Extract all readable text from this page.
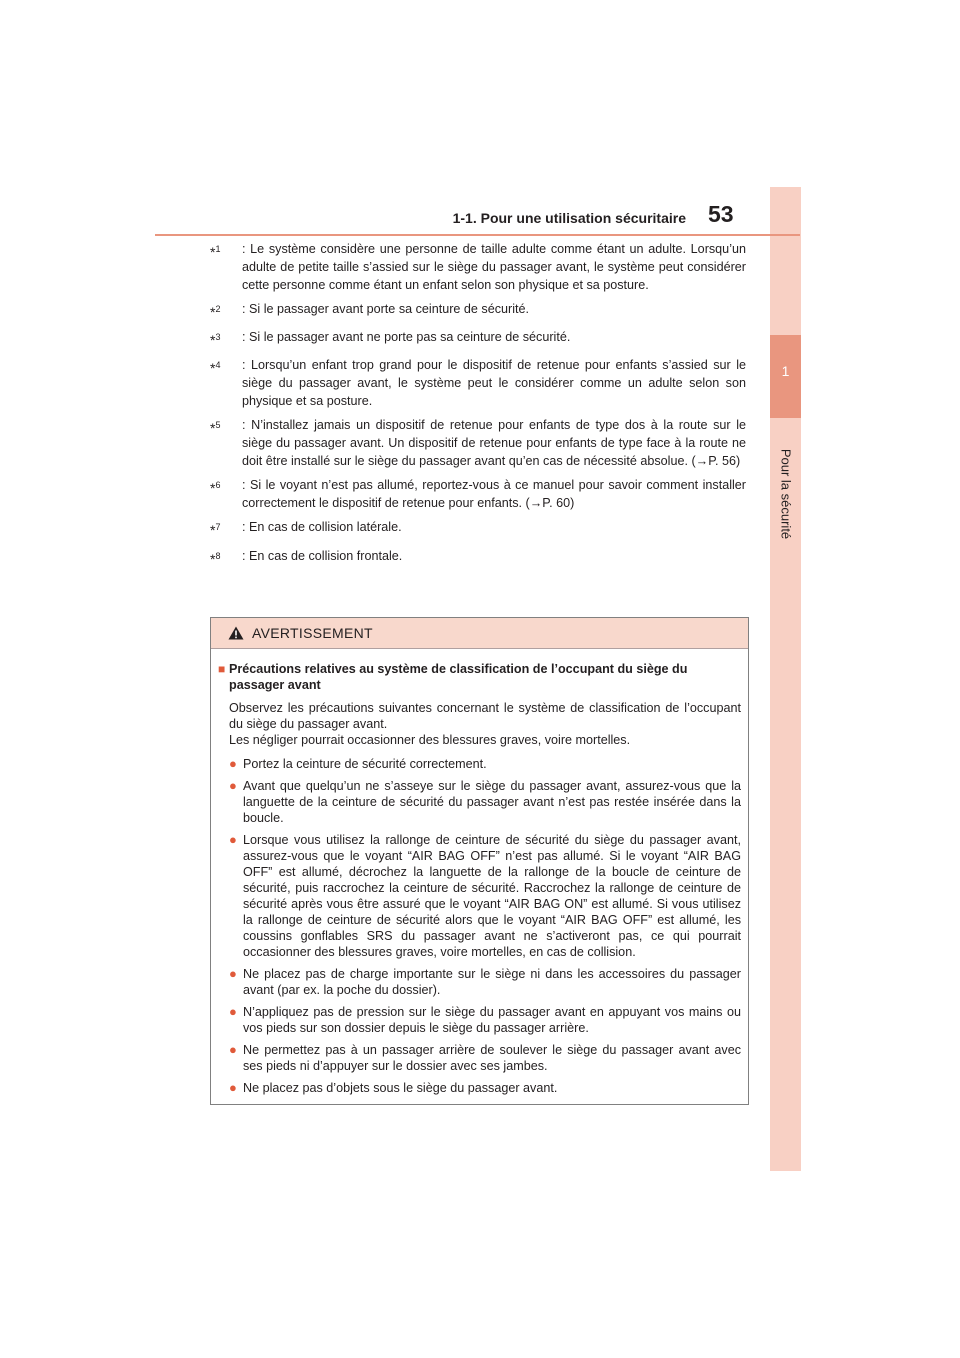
1
Pour la sécurité
1-1. Pour une utilisation sécuritaire 53
*$^1$	: Le système considère une personne de taille adulte comme étant un adulte. Lorsqu’un adulte de petite taille s’assied sur le siège du passager avant, le système peut considérer cette personne comme étant un enfant selon son physique et sa posture.
*$^2$	: Si le passager avant porte sa ceinture de sécurité.
*$^3$	: Si le passager avant ne porte pas sa ceinture de sécurité.
*$^4$	: Lorsqu’un enfant trop grand pour le dispositif de retenue pour enfants s’assied sur le siège du passager avant, le système peut le considérer comme un adulte selon son physique et sa posture.
*$^5$	: N’installez jamais un dispositif de retenue pour enfants de type dos à la route sur le siège du passager avant. Un dispositif de retenue pour enfants de type face à la route ne doit être installé sur le siège du passager avant qu’en cas de nécessité absolue. (→P. 56)
*$^6$	: Si le voyant n’est pas allumé, reportez-vous à ce manuel pour savoir comment installer correctement le dispositif de retenue pour enfants. (→P. 60)
*$^7$	: En cas de collision latérale.
*$^8$	: En cas de collision frontale.
AVERTISSEMENT
■ Précautions relatives au système de classification de l’occupant du siège du passager avant
Observez les précautions suivantes concernant le système de classification de l’occupant du siège du passager avant.
Les négliger pourrait occasionner des blessures graves, voire mortelles.
● Portez la ceinture de sécurité correctement.
● Avant que quelqu’un ne s’asseye sur le siège du passager avant, assurez-vous que la languette de la ceinture de sécurité du passager avant n’est pas restée insérée dans la boucle.
● Lorsque vous utilisez la rallonge de ceinture de sécurité du siège du passager avant, assurez-vous que le voyant “AIR BAG OFF” n’est pas allumé. Si le voyant “AIR BAG OFF” est allumé, décrochez la languette de la rallonge de la boucle de ceinture de sécurité, puis raccrochez la ceinture de sécurité. Raccrochez la rallonge de ceinture de sécurité après vous être assuré que le voyant “AIR BAG ON” est allumé. Si vous utilisez la rallonge de ceinture de sécurité alors que le voyant “AIR BAG OFF” est allumé, les coussins gonflables SRS du passager avant ne s’activeront pas, ce qui pourrait occasionner des blessures graves, voire mortelles, en cas de collision.
● Ne placez pas de charge importante sur le siège ni dans les accessoires du passager avant (par ex. la poche du dossier).
● N’appliquez pas de pression sur le siège du passager avant en appuyant vos mains ou vos pieds sur son dossier depuis le siège du passager arrière.
● Ne permettez pas à un passager arrière de soulever le siège du passager avant avec ses pieds ni d’appuyer sur le dossier avec ses jambes.
● Ne placez pas d’objets sous le siège du passager avant.
